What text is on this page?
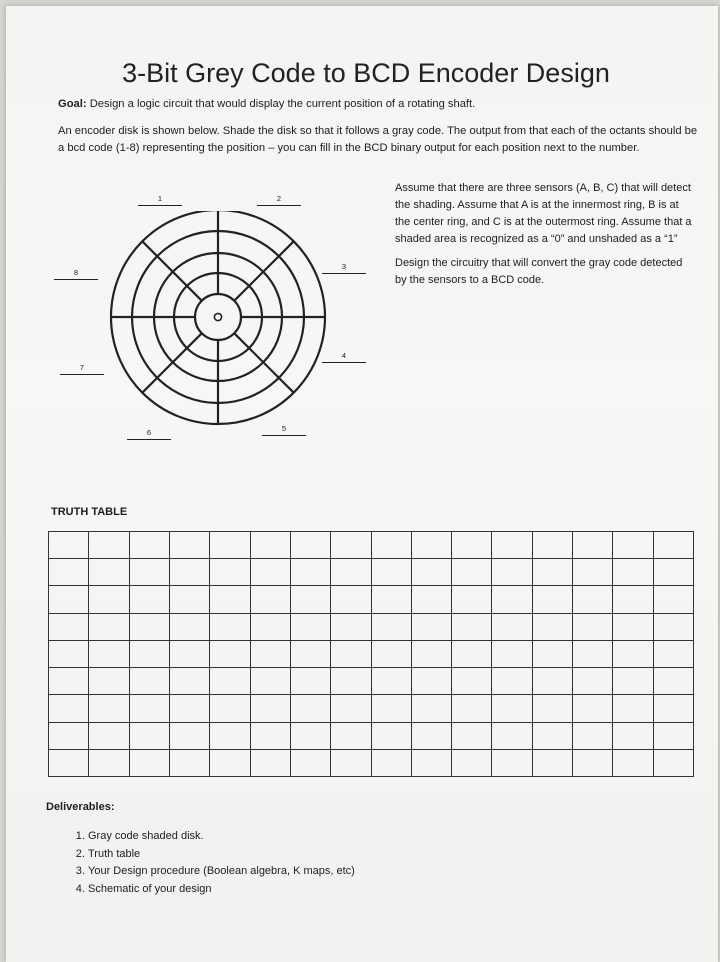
3-Bit Grey Code to BCD Encoder Design
Goal: Design a logic circuit that would display the current position of a rotating shaft.
An encoder disk is shown below. Shade the disk so that it follows a gray code. The output from that each of the octants should be a bcd code (1-8) representing the position – you can fill in the BCD binary output for each position next to the number.

Assume that there are three sensors (A, B, C) that will detect the shading. Assume that A is at the innermost ring, B is at the center ring, and C is at the outermost ring. Assume that a shaded area is recognized as a “0” and unshaded as a “1”

Design the circuitry that will convert the gray code detected by the sensors to a BCD code.

1	2
3
4
5
6
7
8
TRUTH TABLE

Deliverables:
1. Gray code shaded disk.
2. Truth table
3. Your Design procedure (Boolean algebra, K maps, etc)
4. Schematic of your design
